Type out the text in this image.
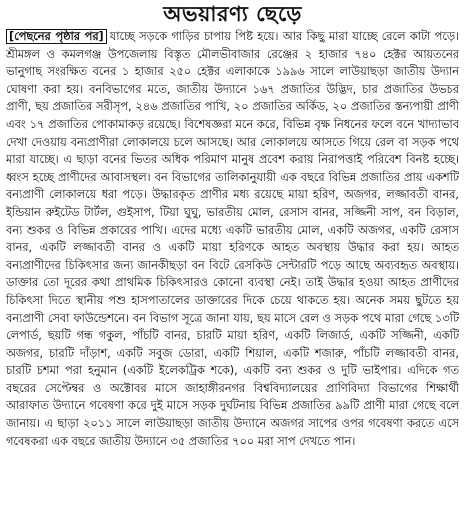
অভয়ারণ্য ছেড়ে

[পেছনের পৃষ্ঠার পর] যাচ্ছে সড়কে গাড়ির চাপায় পিষ্ট হয়ে। আর কিছু মারা যাচ্ছে রেলে কাটা পড়ে। শ্রীমঙ্গল ও কমলগঞ্জ উপজেলায় বিস্তৃত মৌলভীবাজার রেঞ্জের ২ হাজার ৭৪০ হেক্টর আয়তনের ভানুগাছ সংরক্ষিত বনের ১ হাজার ২৫০ হেক্টর এলাকাকে ১৯৯৬ সালে লাউয়াছড়া জাতীয় উদ্যান ঘোষণা করা হয়। বনবিভাগের মতে, জাতীয় উদ্যানে ১৬৭ প্রজাতির উদ্ভিদ, চার প্রজাতির উভচর প্রাণী, ছয় প্রজাতির সরীসৃপ, ২৪৬ প্রজাতির পাখি, ২০ প্রজাতির অর্কিড, ২০ প্রজাতির স্তন্যপায়ী প্রাণী এবং ১৭ প্রজাতির পোকামাকড় রয়েছে। বিশেষজ্ঞরা মনে করে, বিভিন্ন বৃক্ষ নিধনের ফলে বনে খাদ্যাভাব দেখা দেওয়ায় বন্যপ্রাণীরা লোকালয়ে চলে আসছে। আর লোকালয়ে আসতে গিয়ে রেল বা সড়ক পথে মারা যাচ্ছে। এ ছাড়া বনের ভিতর অধিক পরিমাণ মানুষ প্রবেশ করায় নিরাপত্তাই পরিবেশ বিনষ্ট হচ্ছে। ধ্বংস হচ্ছে প্রাণীদের আবাসস্থল। বন বিভাগের তালিকানুযায়ী এক বছরে বিভিন্ন প্রজাতির প্রায় একশটি বন্যপ্রাণী লোকালয়ে ধরা পড়ে। উদ্ধারকৃত প্রাণীর মধ্য রয়েছে মায়া হরিণ, অজগর, লজ্জাবতী বানর, ইন্ডিয়ান রুইটেড টার্টল, গুইসাপ, টিয়া ঘুঘু, ভারতীয় মোল, রেসাস বানর, সজ্জিনী সাপ, বন বিড়াল, বন্য শুকর ও বিভিন্ন প্রকারের পাখি। এদের মধ্যে একটি ভারতীয় মোল, একটি অজগর, একটি রেসাস বানর, একটি লজ্জাবতী বানর ও একটি মায়া হরিণকে আহত অবস্থায় উদ্ধার করা হয়। আহত বন্যপ্রাণীদের চিকিৎসার জন্য জানকীছড়া বন বিটে রেসকিউ সেন্টারটি পড়ে আছে অব্যবহৃত অবস্থায়। ডাক্তার তো দূরের কথা প্রাথমিক চিকিৎসারও কোনো ব্যবস্থা নেই। তাই উদ্ধার হওয়া আহত প্রাণীদের চিকিৎসা দিতে স্থানীয় পশু হাসপাতালের ডাক্তারের দিকে চেয়ে থাকতে হয়। অনেক সময় ছুটতে হয় বন্যপ্রাণী সেবা ফাউন্ডেশনে। বন বিভাগ সূত্রে জানা যায়, ছয় মাসে রেল ও সড়ক পথে মারা গেছে ১৩টি লেপার্ড, ছয়টি গন্ধ গকুল, পাঁচটি বানর, চারটি মায়া হরিণ, একটি লিজার্ড, একটি সজ্জিনী, একটি অজগর, চারটি দাঁড়াশ, একটি সবুজ ডোরা, একটি শিয়াল, একটি শজারু, পাঁচটি লজ্জাবতী বানর, চারটি চশমা পরা হনুমান (একটি ইলেকট্রিক শকে), একটি বন্য শুকর ও দুটি ভাইপার। এদিকে গত বছরের সেপ্টেম্বর ও অক্টোবর মাসে জাহাঙ্গীরনগর বিশ্ববিদ্যালয়ের প্রাণিবিদ্যা বিভাগের শিক্ষার্থী আরাফাত উদ্যানে গবেষণা করে দুই মাসে সড়ক দুর্ঘটনায় বিভিন্ন প্রজাতির ৯৯টি প্রাণী মারা গেছে বলে জানায়। এ ছাড়া ২০১১ সালে লাউয়াছড়া জাতীয় উদ্যানে অজগর সাপের ওপর গবেষণা করতে এসে গবেষকরা এক বছরে জাতীয় উদ্যানে ৩৫ প্রজাতির ৭০০ মরা সাপ দেখতে পান।
